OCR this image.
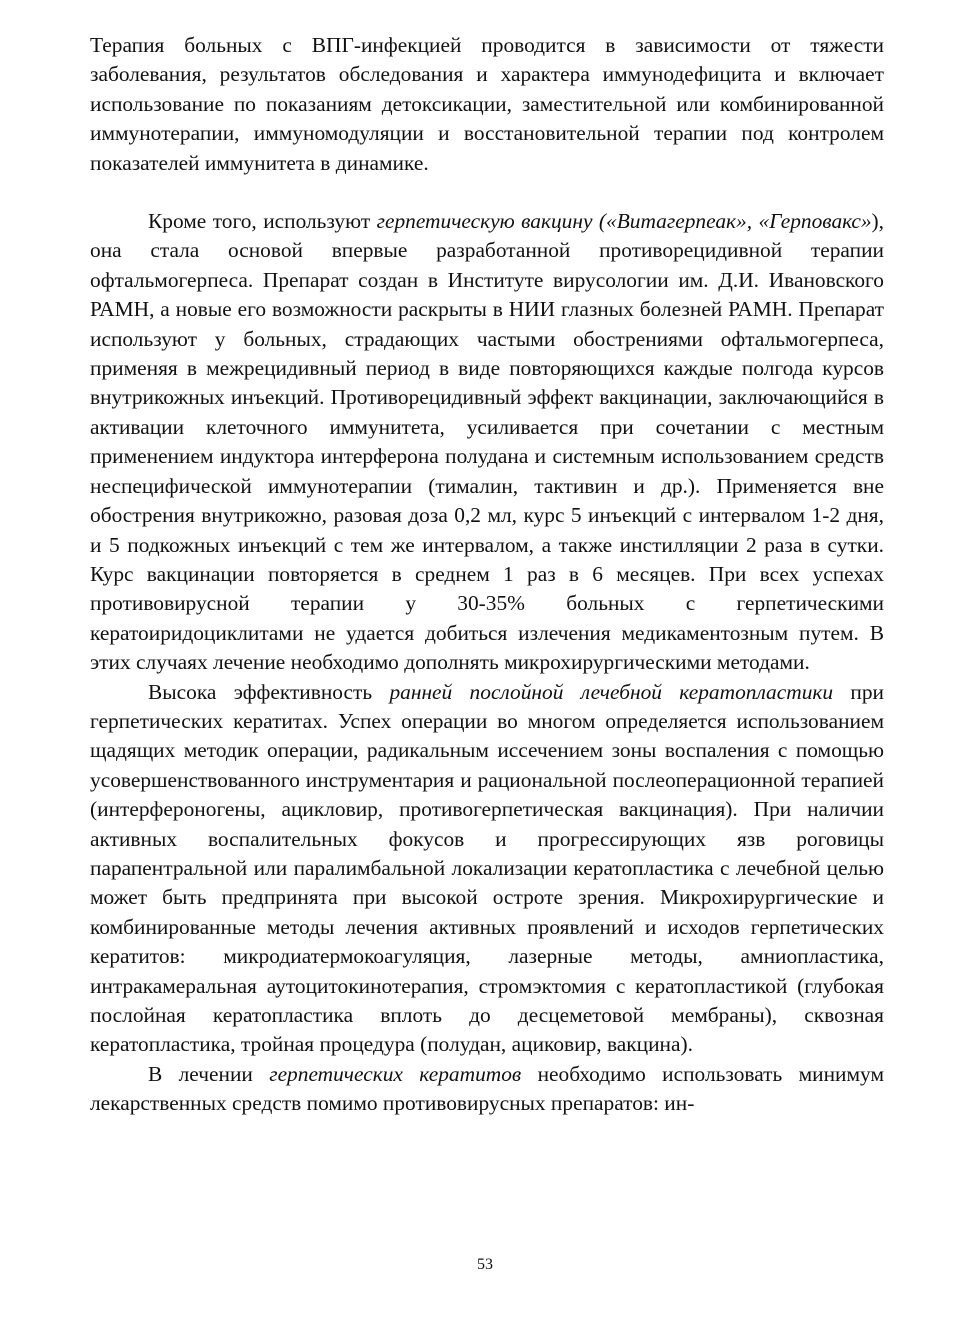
Терапия больных с ВПГ-инфекцией проводится в зависимости от тяжести заболевания, результатов обследования и характера иммунодефицита и включает использование по показаниям детоксикации, заместительной или комбинированной иммунотерапии, иммуномодуляции и восстановительной терапии под контролем показателей иммунитета в динамике.

Кроме того, используют герпетическую вакцину («Витагерпеак», «Герповакс»), она стала основой впервые разработанной противорецидивной терапии офтальмогерпеса. Препарат создан в Институте вирусологии им. Д.И. Ивановского РАМН, а новые его возможности раскрыты в НИИ глазных болезней РАМН. Препарат используют у больных, страдающих частыми обострениями офтальмогерпеса, применяя в межрецидивный период в виде повторяющихся каждые полгода курсов внутрикожных инъекций. Противорецидивный эффект вакцинации, заключающийся в активации клеточного иммунитета, усиливается при сочетании с местным применением индуктора интерферона полудана и системным использованием средств неспецифической иммунотерапии (тималин, тактивин и др.). Применяется вне обострения внутрикожно, разовая доза 0,2 мл, курс 5 инъекций с интервалом 1-2 дня, и 5 подкожных инъекций с тем же интервалом, а также инстилляции 2 раза в сутки. Курс вакцинации повторяется в среднем 1 раз в 6 месяцев. При всех успехах противовирусной терапии у 30-35% больных с герпетическими кератоиридоциклитами не удается добиться излечения медикаментозным путем. В этих случаях лечение необходимо дополнять микрохирургическими методами.

Высока эффективность ранней послойной лечебной кератопластики при герпетических кератитах. Успех операции во многом определяется использованием щадящих методик операции, радикальным иссечением зоны воспаления с помощью усовершенствованного инструментария и рациональной послеоперационной терапией (интерфероногены, ацикловир, противогерпетическая вакцинация). При наличии активных воспалительных фокусов и прогрессирующих язв роговицы парапентральной или паралимбальной локализации кератопластика с лечебной целью может быть предпринята при высокой остроте зрения. Микрохирургические и комбинированные методы лечения активных проявлений и исходов герпетических кератитов: микродиатермокоагуляция, лазерные методы, амниопластика, интракамеральная аутоцитокинотерапия, стромэктомия с кератопластикой (глубокая послойная кератопластика вплоть до десцеметовой мембраны), сквозная кератопластика, тройная процедура (полудан, ациковир, вакцина).

В лечении герпетических кератитов необходимо использовать минимум лекарственных средств помимо противовирусных препаратов: ин-

53
